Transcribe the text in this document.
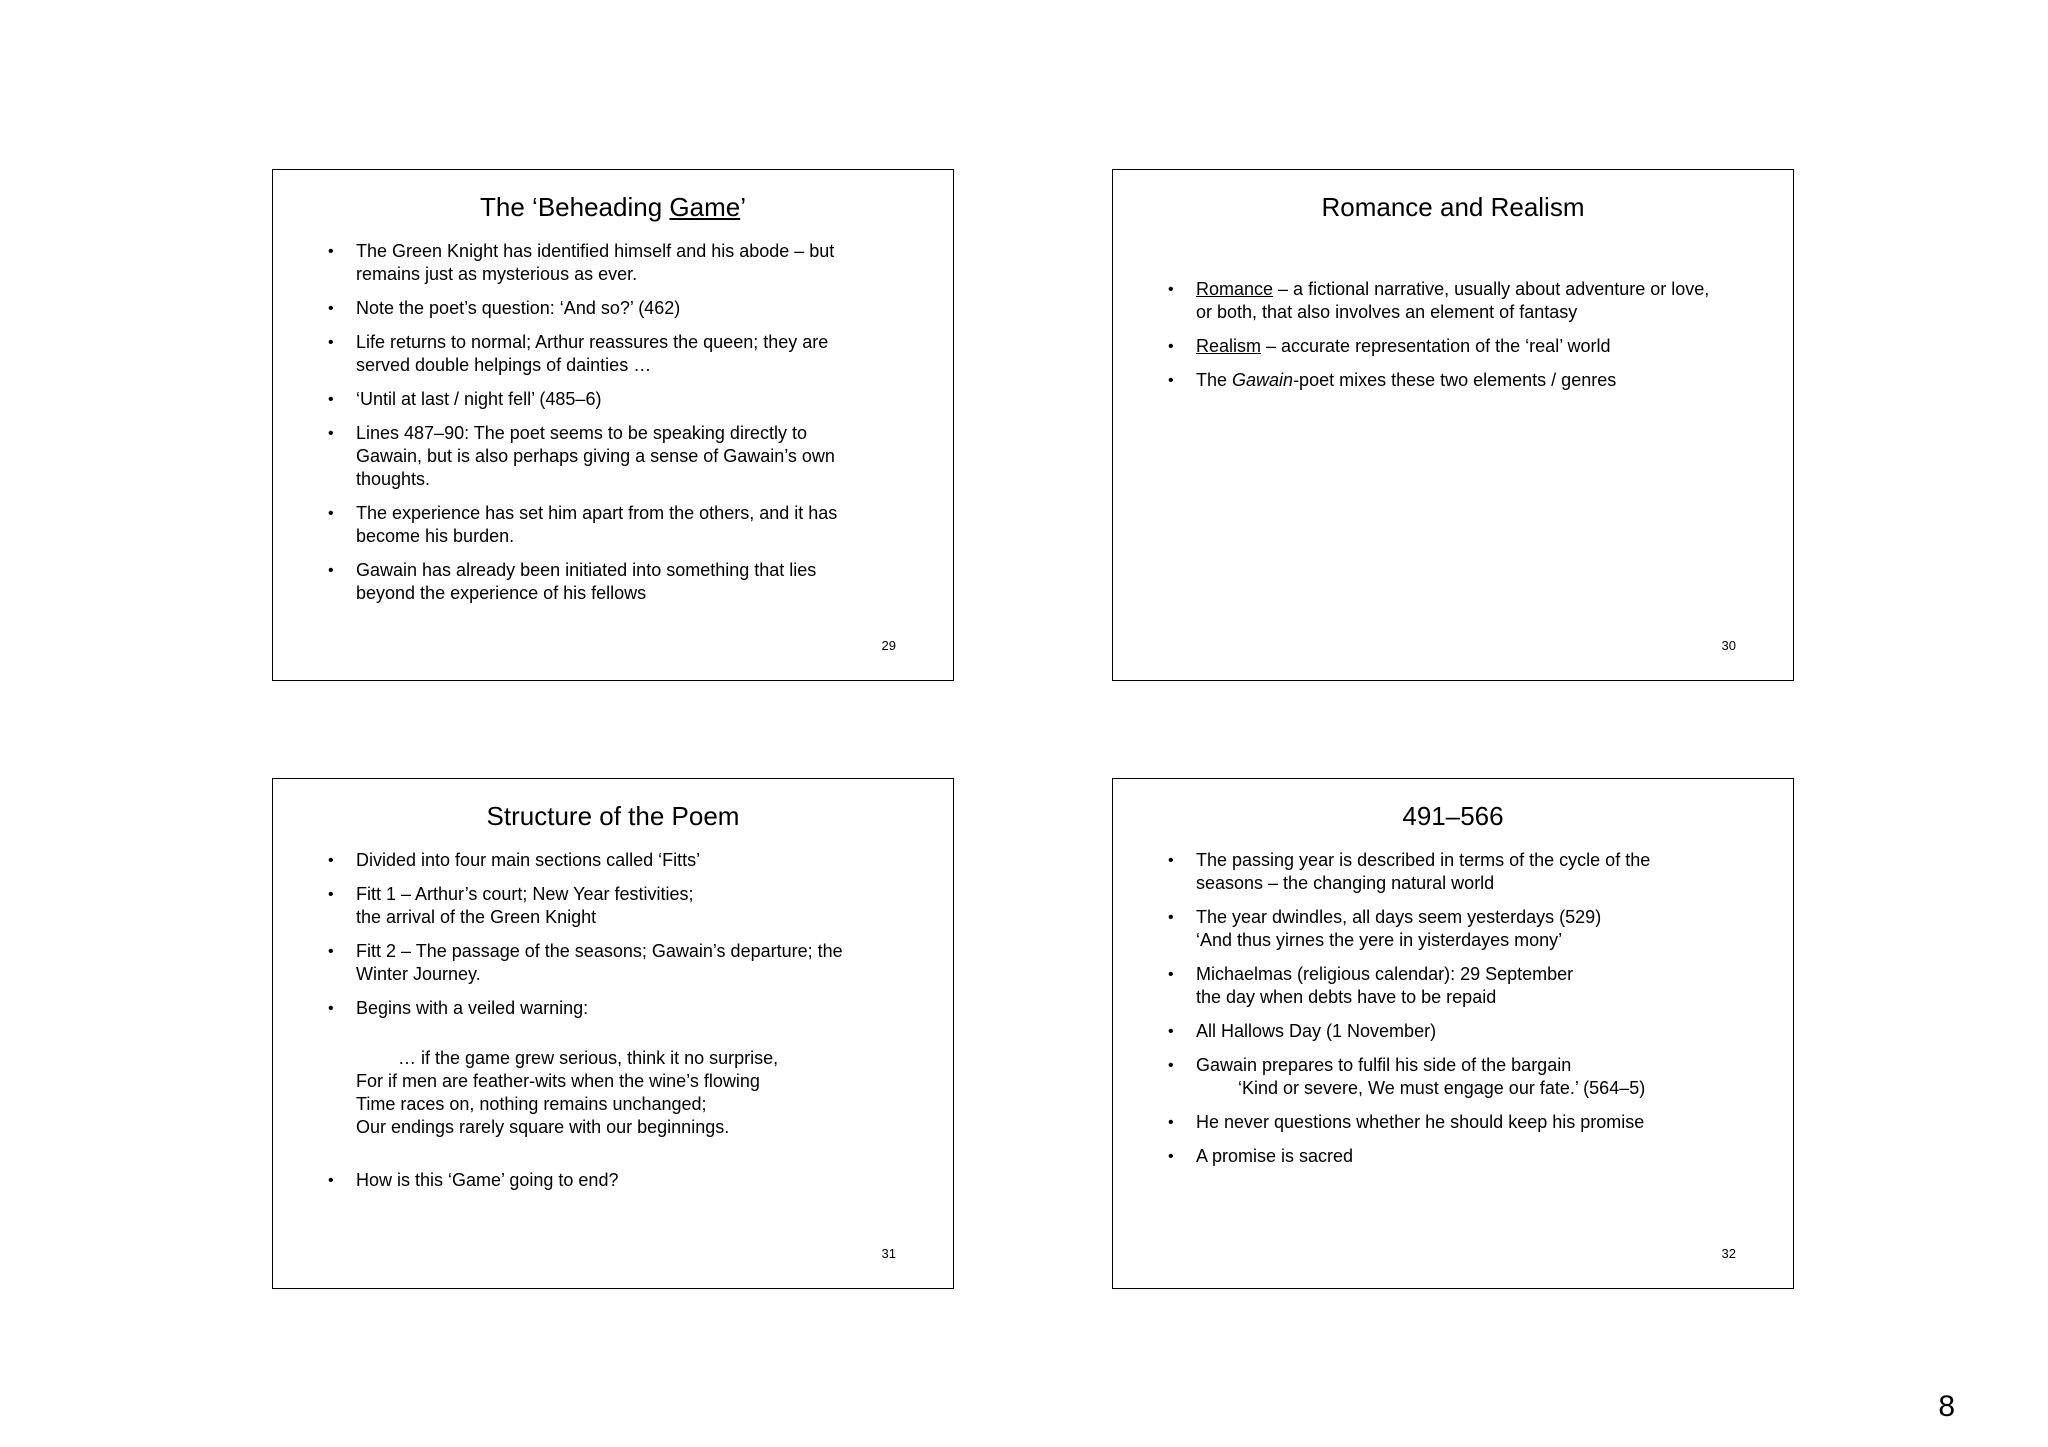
The ‘Beheading Game’
• The Green Knight has identified himself and his abode – but
remains just as mysterious as ever.
• Note the poet’s question: ‘And so?’ (462)
• Life returns to normal; Arthur reassures the queen; they are
served double helpings of dainties …
• ‘Until at last / night fell’ (485–6)
• Lines 487–90: The poet seems to be speaking directly to
Gawain, but is also perhaps giving a sense of Gawain’s own
thoughts.
• The experience has set him apart from the others, and it has
become his burden.
• Gawain has already been initiated into something that lies
beyond the experience of his fellows
29
Romance and Realism
• Romance – a fictional narrative, usually about adventure or love,
or both, that also involves an element of fantasy
• Realism – accurate representation of the ‘real’ world
• The Gawain-poet mixes these two elements / genres
30
Structure of the Poem
• Divided into four main sections called ‘Fitts’
• Fitt 1 – Arthur’s court; New Year festivities;
the arrival of the Green Knight
• Fitt 2 – The passage of the seasons; Gawain’s departure; the
Winter Journey.
• Begins with a veiled warning:
… if the game grew serious, think it no surprise,
For if men are feather-wits when the wine’s flowing
Time races on, nothing remains unchanged;
Our endings rarely square with our beginnings.
• How is this ‘Game’ going to end?
31
491–566
• The passing year is described in terms of the cycle of the
seasons – the changing natural world
• The year dwindles, all days seem yesterdays (529)
‘And thus yirnes the yere in yisterdayes mony’
• Michaelmas (religious calendar): 29 September
the day when debts have to be repaid
• All Hallows Day (1 November)
• Gawain prepares to fulfil his side of the bargain
‘Kind or severe, We must engage our fate.’ (564–5)
• He never questions whether he should keep his promise
• A promise is sacred
32
8
